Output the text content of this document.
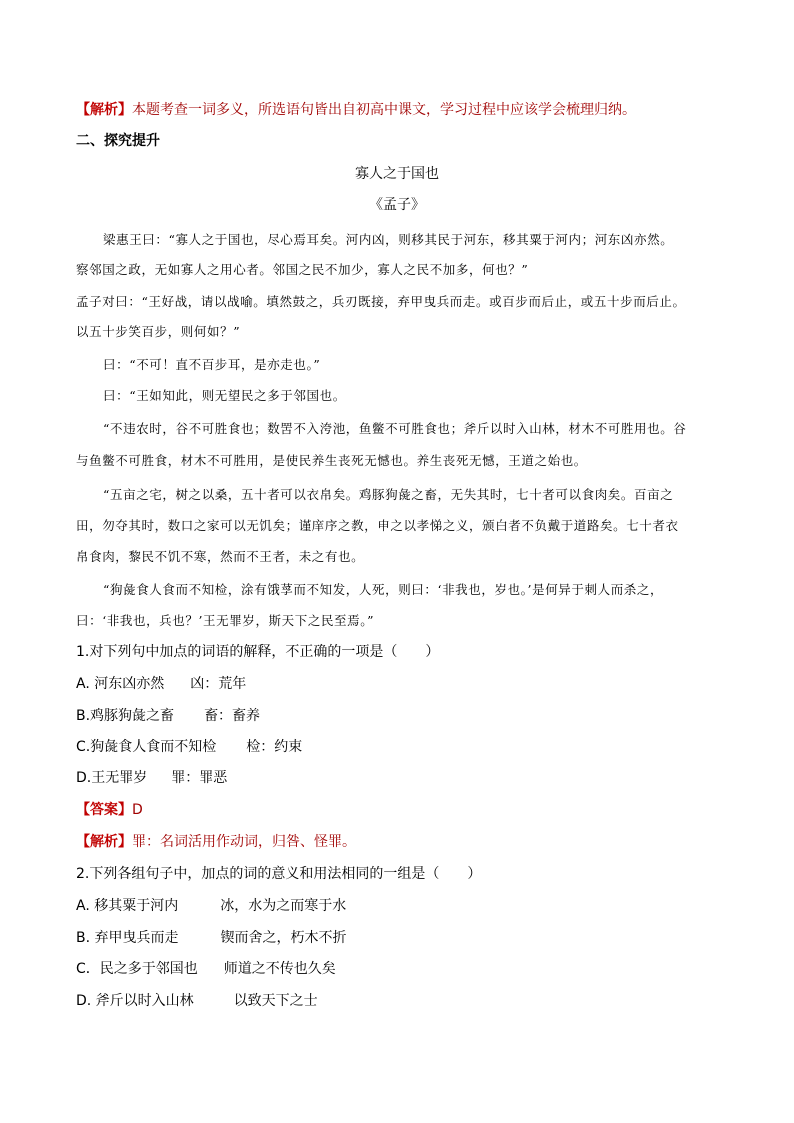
【解析】本题考查一词多义，所选语句皆出自初高中课文，学习过程中应该学会梳理归纳。
二、探究提升
寡人之于国也
《孟子》
梁惠王曰：“寡人之于国也，尽心焉耳矣。河内凶，则移其民于河东，移其粟于河内；河东凶亦然。
察邻国之政，无如寡人之用心者。邻国之民不加少，寡人之民不加多，何也？”
孟子对曰：“王好战，请以战喻。填然鼓之，兵刃既接，弃甲曳兵而走。或百步而后止，或五十步而后止。
以五十步笑百步，则何如？”
曰：“不可！直不百步耳，是亦走也。”
曰：“王如知此，则无望民之多于邻国也。
“不违农时，谷不可胜食也；数罟不入洿池，鱼鳖不可胜食也；斧斤以时入山林，材木不可胜用也。谷
与鱼鳖不可胜食，材木不可胜用，是使民养生丧死无憾也。养生丧死无憾，王道之始也。
“五亩之宅，树之以桑，五十者可以衣帛矣。鸡豚狗彘之畜，无失其时，七十者可以食肉矣。百亩之
田，勿夺其时，数口之家可以无饥矣；谨庠序之教，申之以孝悌之义，颁白者不负戴于道路矣。七十者衣
帛食肉，黎民不饥不寒，然而不王者，未之有也。
“狗彘食人食而不知检，涂有饿莩而不知发，人死，则曰：‘非我也，岁也。’是何异于刺人而杀之，
曰：‘非我也，兵也？’王无罪岁，斯天下之民至焉。”
1.对下列句中加点的词语的解释，不正确的一项是（　　）
A. 河东凶亦然 凶：荒年
B.鸡豚狗彘之畜 畜：畜养
C.狗彘食人食而不知检 检：约束
D.王无罪岁 罪：罪恶
【答案】D
【解析】罪：名词活用作动词，归咎、怪罪。
2.下列各组句子中，加点的词的意义和用法相同的一组是（　　）
A. 移其粟于河内	冰，水为之而寒于水
B. 弃甲曳兵而走	锲而舍之，朽木不折
C．民之多于邻国也 师道之不传也久矣
D. 斧斤以时入山林	以致天下之士
